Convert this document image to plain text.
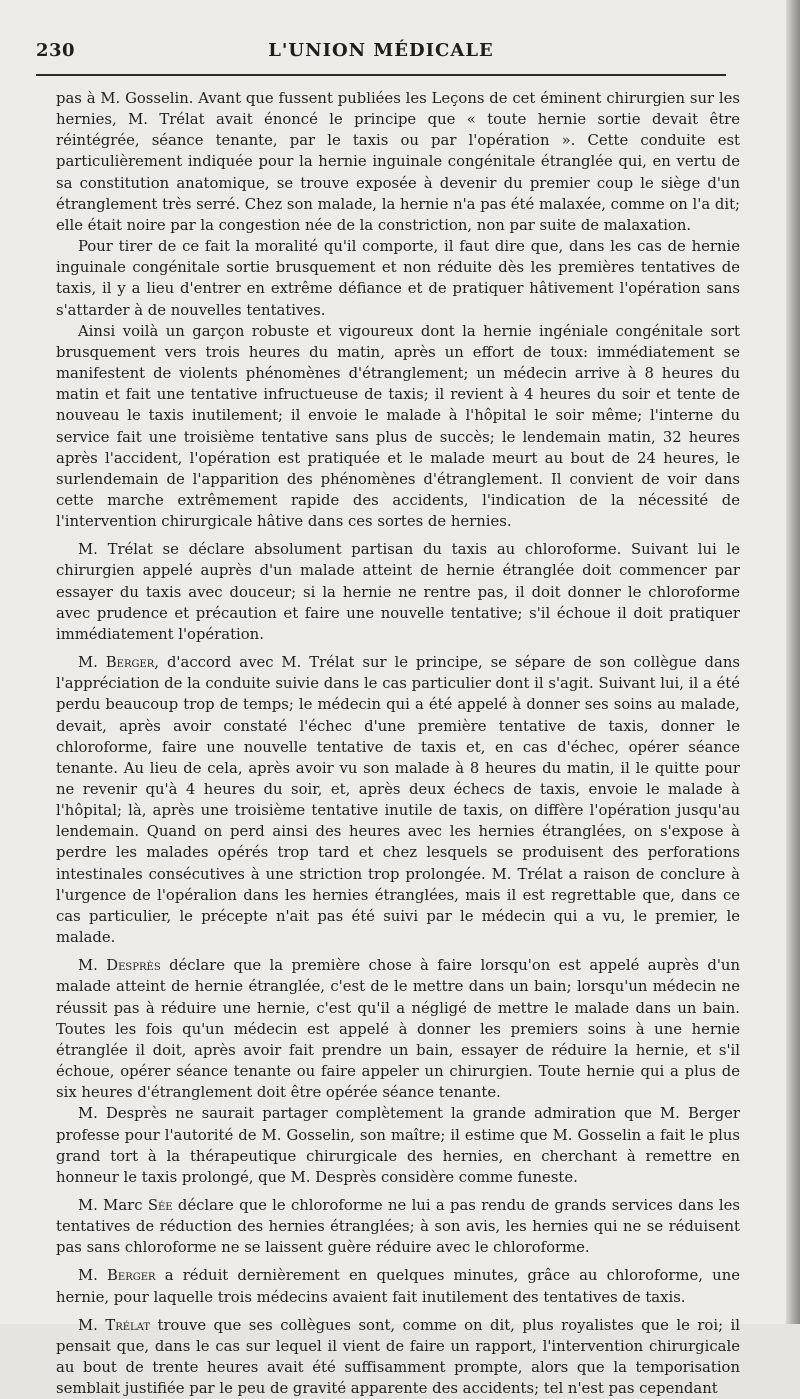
230	L'UNION MÉDICALE

pas à M. Gosselin. Avant que fussent publiées les Leçons de cet éminent chirurgien sur les hernies, M. Trélat avait énoncé le principe que « toute hernie sortie devait être réintégrée, séance tenante, par le taxis ou par l'opération ». Cette conduite est particulièrement indiquée pour la hernie inguinale congénitale étranglée qui, en vertu de sa constitution anatomique, se trouve exposée à devenir du premier coup le siège d'un étranglement très serré. Chez son malade, la hernie n'a pas été malaxée, comme on l'a dit; elle était noire par la congestion née de la constriction, non par suite de malaxation.

Pour tirer de ce fait la moralité qu'il comporte, il faut dire que, dans les cas de hernie inguinale congénitale sortie brusquement et non réduite dès les premières tentatives de taxis, il y a lieu d'entrer en extrême défiance et de pratiquer hâtivement l'opération sans s'attarder à de nouvelles tentatives.

Ainsi voilà un garçon robuste et vigoureux dont la hernie ingéniale congénitale sort brusquement vers trois heures du matin, après un effort de toux: immédiatement se manifestent de violents phénomènes d'étranglement; un médecin arrive à 8 heures du matin et fait une tentative infructueuse de taxis; il revient à 4 heures du soir et tente de nouveau le taxis inutilement; il envoie le malade à l'hôpital le soir même; l'interne du service fait une troisième tentative sans plus de succès; le lendemain matin, 32 heures après l'accident, l'opération est pratiquée et le malade meurt au bout de 24 heures, le surlendemain de l'apparition des phénomènes d'étranglement. Il convient de voir dans cette marche extrêmement rapide des accidents, l'indication de la nécessité de l'intervention chirurgicale hâtive dans ces sortes de hernies.

M. Trélat se déclare absolument partisan du taxis au chloroforme. Suivant lui le chirurgien appelé auprès d'un malade atteint de hernie étranglée doit commencer par essayer du taxis avec douceur; si la hernie ne rentre pas, il doit donner le chloroforme avec prudence et précaution et faire une nouvelle tentative; s'il échoue il doit pratiquer immédiatement l'opération.

M. Berger, d'accord avec M. Trélat sur le principe, se sépare de son collègue dans l'appréciation de la conduite suivie dans le cas particulier dont il s'agit. Suivant lui, il a été perdu beaucoup trop de temps; le médecin qui a été appelé à donner ses soins au malade, devait, après avoir constaté l'échec d'une première tentative de taxis, donner le chloroforme, faire une nouvelle tentative de taxis et, en cas d'échec, opérer séance tenante. Au lieu de cela, après avoir vu son malade à 8 heures du matin, il le quitte pour ne revenir qu'à 4 heures du soir, et, après deux échecs de taxis, envoie le malade à l'hôpital; là, après une troisième tentative inutile de taxis, on diffère l'opération jusqu'au lendemain. Quand on perd ainsi des heures avec les hernies étranglées, on s'expose à perdre les malades opérés trop tard et chez lesquels se produisent des perforations intestinales consécutives à une striction trop prolongée. M. Trélat a raison de conclure à l'urgence de l'opéralion dans les hernies étranglées, mais il est regrettable que, dans ce cas particulier, le précepte n'ait pas été suivi par le médecin qui a vu, le premier, le malade.

M. Desprès déclare que la première chose à faire lorsqu'on est appelé auprès d'un malade atteint de hernie étranglée, c'est de le mettre dans un bain; lorsqu'un médecin ne réussit pas à réduire une hernie, c'est qu'il a négligé de mettre le malade dans un bain. Toutes les fois qu'un médecin est appelé à donner les premiers soins à une hernie étranglée il doit, après avoir fait prendre un bain, essayer de réduire la hernie, et s'il échoue, opérer séance tenante ou faire appeler un chirurgien. Toute hernie qui a plus de six heures d'étranglement doit être opérée séance tenante.

M. Desprès ne saurait partager complètement la grande admiration que M. Berger professe pour l'autorité de M. Gosselin, son maître; il estime que M. Gosselin a fait le plus grand tort à la thérapeutique chirurgicale des hernies, en cherchant à remettre en honneur le taxis prolongé, que M. Desprès considère comme funeste.

M. Marc Sée déclare que le chloroforme ne lui a pas rendu de grands services dans les tentatives de réduction des hernies étranglées; à son avis, les hernies qui ne se réduisent pas sans chloroforme ne se laissent guère réduire avec le chloroforme.

M. Berger a réduit dernièrement en quelques minutes, grâce au chloroforme, une hernie, pour laquelle trois médecins avaient fait inutilement des tentatives de taxis.

M. Trélat trouve que ses collègues sont, comme on dit, plus royalistes que le roi; il pensait que, dans le cas sur lequel il vient de faire un rapport, l'intervention chirurgicale au bout de trente heures avait été suffisamment prompte, alors que la temporisation semblait justifiée par le peu de gravité apparente des accidents; tel n'est pas cependant
